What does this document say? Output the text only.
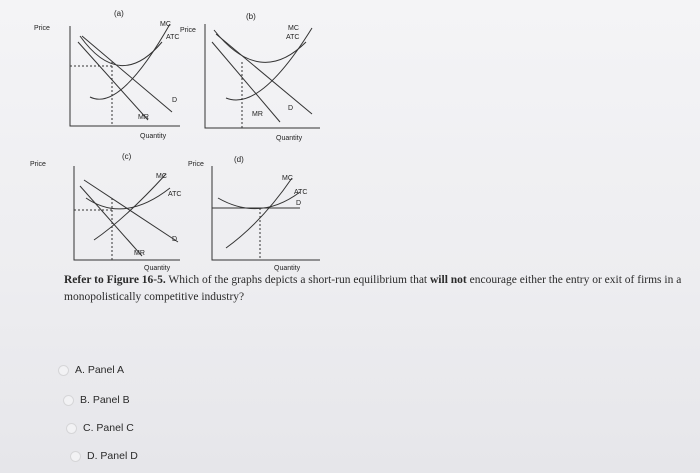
(a)
Price
MC
ATC
MR
D
Quantity
(b)
Price	MC
ATC
MR
D
Quantity
(c)
Price
MC
ATC
MR
D
Quantity
(d)
Price
MC
ATC
D
Quantity
Refer to Figure 16-5. Which of the graphs depicts a short-run equilibrium that will not encourage either the entry or exit of firms in a monopolistically competitive industry?
A. Panel A
B. Panel B
C. Panel C
D. Panel D
